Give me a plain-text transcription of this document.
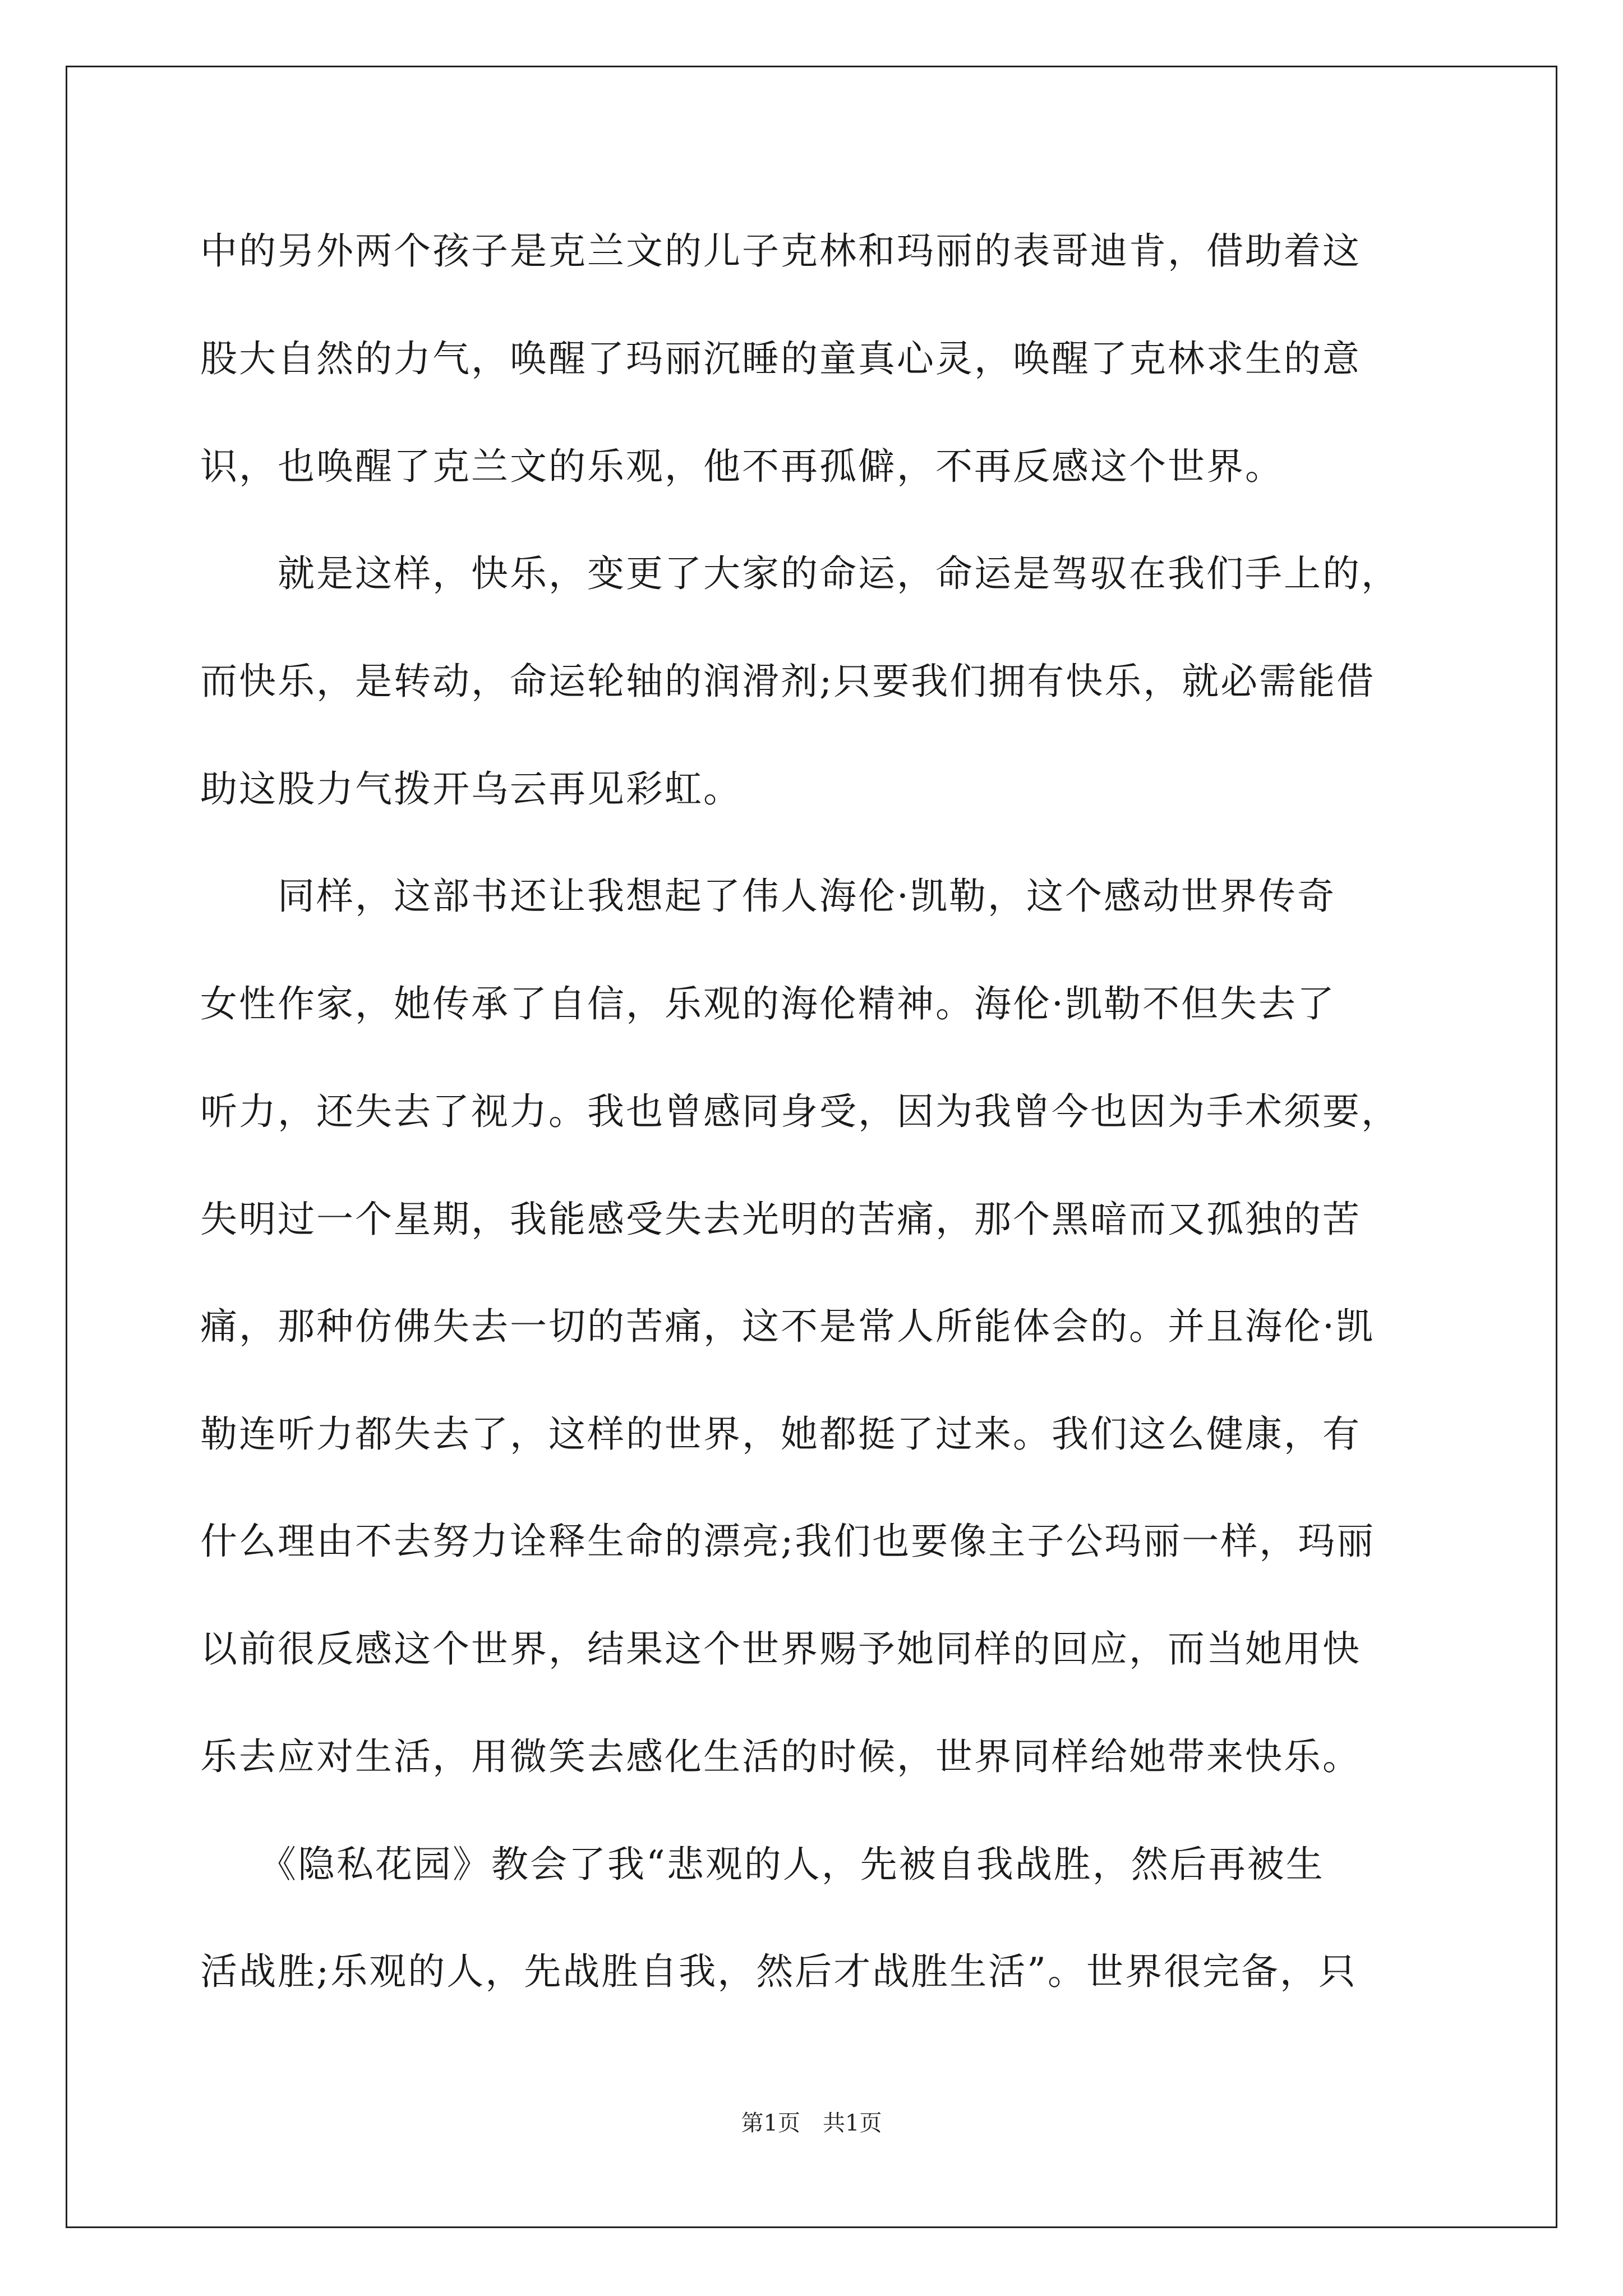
中的另外两个孩子是克兰文的儿子克林和玛丽的表哥迪肯，借助着这
股大自然的力气，唤醒了玛丽沉睡的童真心灵，唤醒了克林求生的意
识，也唤醒了克兰文的乐观，他不再孤僻，不再反感这个世界。
　　就是这样，快乐，变更了大家的命运，命运是驾驭在我们手上的，
而快乐，是转动，命运轮轴的润滑剂;只要我们拥有快乐，就必需能借
助这股力气拨开乌云再见彩虹。
　　同样，这部书还让我想起了伟人海伦·凯勒，这个感动世界传奇
女性作家，她传承了自信，乐观的海伦精神。海伦·凯勒不但失去了
听力，还失去了视力。我也曾感同身受，因为我曾今也因为手术须要，
失明过一个星期，我能感受失去光明的苦痛，那个黑暗而又孤独的苦
痛，那种仿佛失去一切的苦痛，这不是常人所能体会的。并且海伦·凯
勒连听力都失去了，这样的世界，她都挺了过来。我们这么健康，有
什么理由不去努力诠释生命的漂亮;我们也要像主子公玛丽一样，玛丽
以前很反感这个世界，结果这个世界赐予她同样的回应，而当她用快
乐去应对生活，用微笑去感化生活的时候，世界同样给她带来快乐。
　　《隐私花园》教会了我“悲观的人，先被自我战胜，然后再被生
活战胜;乐观的人，先战胜自我，然后才战胜生活”。世界很完备，只
第1页　共1页
